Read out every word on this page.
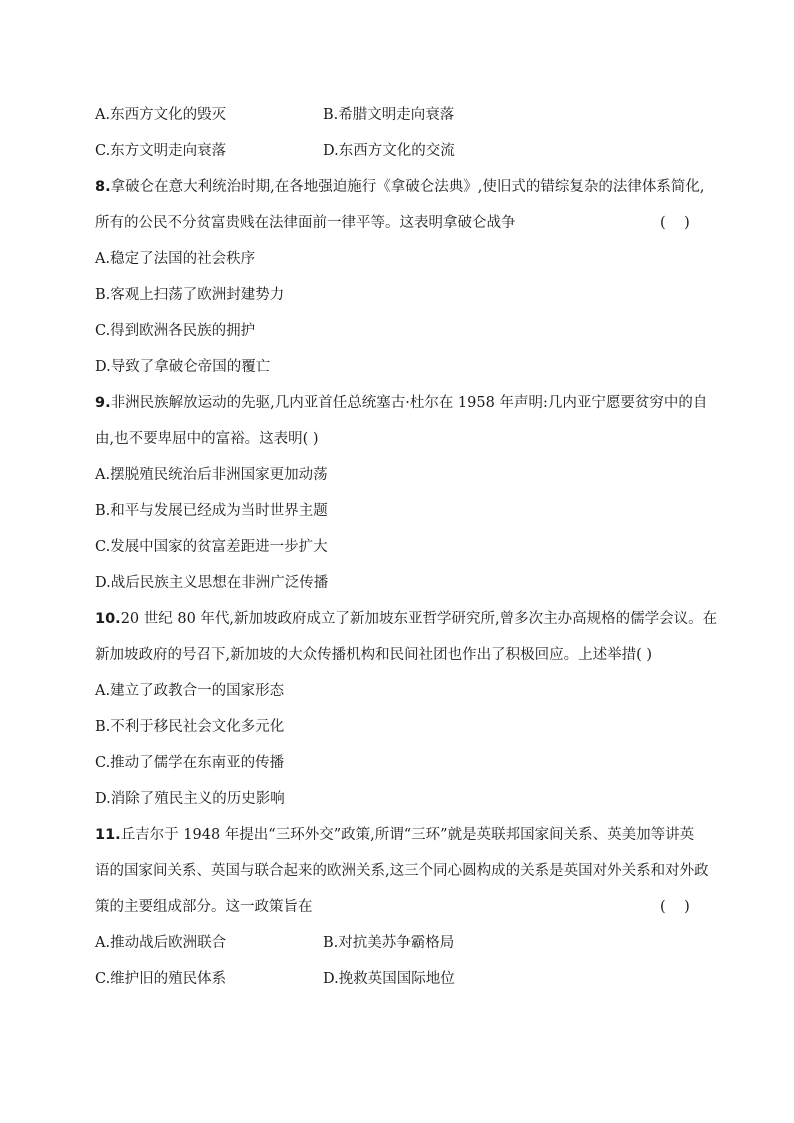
A.东西方文化的毁灭	B.希腊文明走向衰落
C.东方文明走向衰落	D.东西方文化的交流
8.拿破仑在意大利统治时期,在各地强迫施行《拿破仑法典》,使旧式的错综复杂的法律体系简化,
所有的公民不分贫富贵贱在法律面前一律平等。这表明拿破仑战争	(    )
A.稳定了法国的社会秩序
B.客观上扫荡了欧洲封建势力
C.得到欧洲各民族的拥护
D.导致了拿破仑帝国的覆亡
9.非洲民族解放运动的先驱,几内亚首任总统塞古·杜尔在 1958 年声明:几内亚宁愿要贫穷中的自
由,也不要卑屈中的富裕。这表明( )
A.摆脱殖民统治后非洲国家更加动荡
B.和平与发展已经成为当时世界主题
C.发展中国家的贫富差距进一步扩大
D.战后民族主义思想在非洲广泛传播
10.20 世纪 80 年代,新加坡政府成立了新加坡东亚哲学研究所,曾多次主办高规格的儒学会议。在
新加坡政府的号召下,新加坡的大众传播机构和民间社团也作出了积极回应。上述举措( )
A.建立了政教合一的国家形态
B.不利于移民社会文化多元化
C.推动了儒学在东南亚的传播
D.消除了殖民主义的历史影响
11.丘吉尔于 1948 年提出“三环外交”政策,所谓“三环”就是英联邦国家间关系、英美加等讲英
语的国家间关系、英国与联合起来的欧洲关系,这三个同心圆构成的关系是英国对外关系和对外政
策的主要组成部分。这一政策旨在	(    )
A.推动战后欧洲联合	B.对抗美苏争霸格局
C.维护旧的殖民体系	D.挽救英国国际地位
